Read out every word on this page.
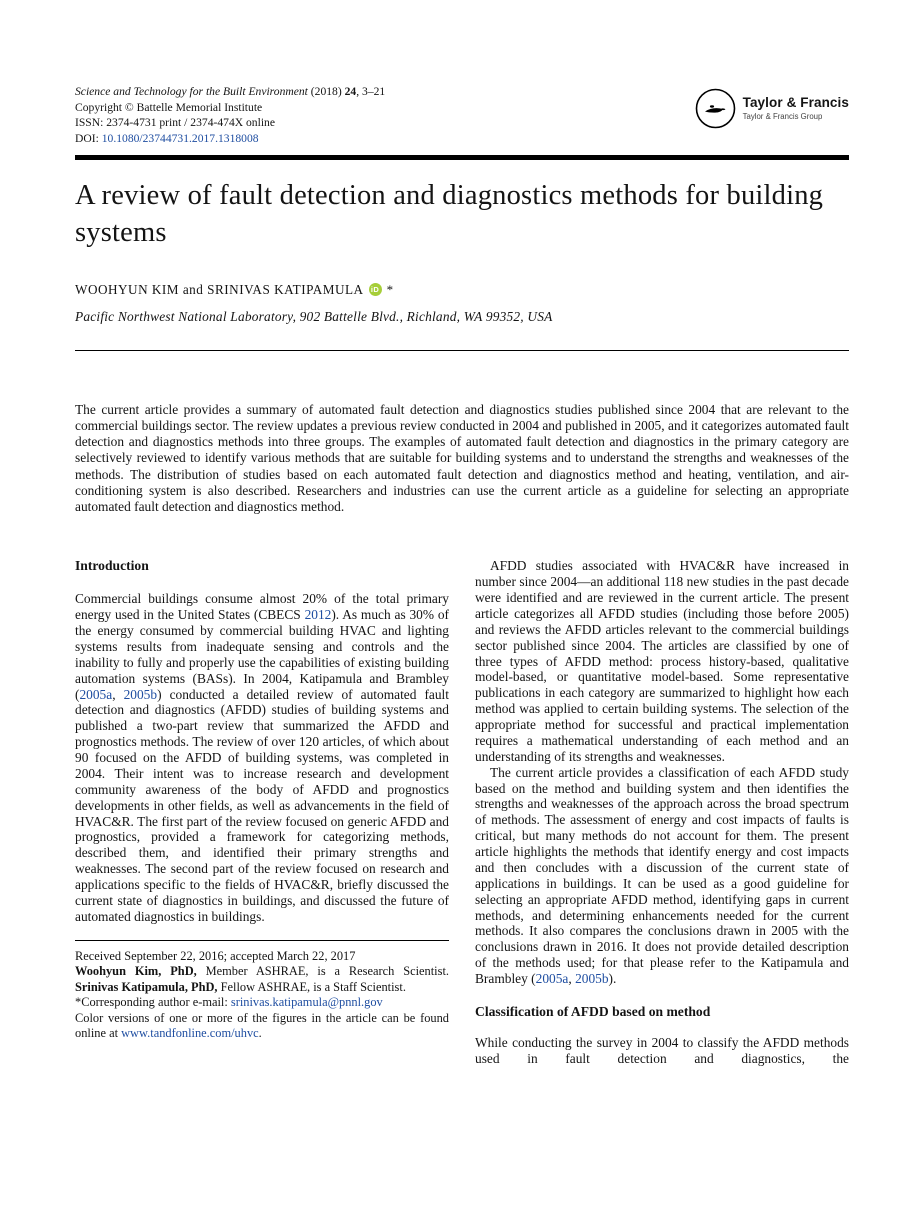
Science and Technology for the Built Environment (2018) 24, 3–21
Copyright © Battelle Memorial Institute
ISSN: 2374-4731 print / 2374-474X online
DOI: 10.1080/23744731.2017.1318008
Taylor & Francis
Taylor & Francis Group
A review of fault detection and diagnostics methods for building systems
WOOHYUN KIM and SRINIVAS KATIPAMULA iD *
Pacific Northwest National Laboratory, 902 Battelle Blvd., Richland, WA 99352, USA

The current article provides a summary of automated fault detection and diagnostics studies published since 2004 that are relevant to the commercial buildings sector. The review updates a previous review conducted in 2004 and published in 2005, and it categorizes automated fault detection and diagnostics methods into three groups. The examples of automated fault detection and diagnostics in the primary category are selectively reviewed to identify various methods that are suitable for building systems and to understand the strengths and weaknesses of the methods. The distribution of studies based on each automated fault detection and diagnostics method and heating, ventilation, and air-conditioning system is also described. Researchers and industries can use the current article as a guideline for selecting an appropriate automated fault detection and diagnostics method.

Introduction

Commercial buildings consume almost 20% of the total primary energy used in the United States (CBECS 2012). As much as 30% of the energy consumed by commercial building HVAC and lighting systems results from inadequate sensing and controls and the inability to fully and properly use the capabilities of existing building automation systems (BASs). In 2004, Katipamula and Brambley (2005a, 2005b) conducted a detailed review of automated fault detection and diagnostics (AFDD) studies of building systems and published a two-part review that summarized the AFDD and prognostics methods. The review of over 120 articles, of which about 90 focused on the AFDD of building systems, was completed in 2004. Their intent was to increase research and development community awareness of the body of AFDD and prognostics developments in other fields, as well as advancements in the field of HVAC&R. The first part of the review focused on generic AFDD and prognostics, provided a framework for categorizing methods, described them, and identified their primary strengths and weaknesses. The second part of the review focused on research and applications specific to the fields of HVAC&R, briefly discussed the current state of diagnostics in buildings, and discussed the future of automated diagnostics in buildings.

Received September 22, 2016; accepted March 22, 2017

Woohyun Kim, PhD, Member ASHRAE, is a Research Scientist. Srinivas Katipamula, PhD, Fellow ASHRAE, is a Staff Scientist.

*Corresponding author e-mail: srinivas.katipamula@pnnl.gov

Color versions of one or more of the figures in the article can be found online at www.tandfonline.com/uhvc.

AFDD studies associated with HVAC&R have increased in number since 2004—an additional 118 new studies in the past decade were identified and are reviewed in the current article. The present article categorizes all AFDD studies (including those before 2005) and reviews the AFDD articles relevant to the commercial buildings sector published since 2004. The articles are classified by one of three types of AFDD method: process history-based, qualitative model-based, or quantitative model-based. Some representative publications in each category are summarized to highlight how each method was applied to certain building systems. The selection of the appropriate method for successful and practical implementation requires a mathematical understanding of each method and an understanding of its strengths and weaknesses.

The current article provides a classification of each AFDD study based on the method and building system and then identifies the strengths and weaknesses of the approach across the broad spectrum of methods. The assessment of energy and cost impacts of faults is critical, but many methods do not account for them. The present article highlights the methods that identify energy and cost impacts and then concludes with a discussion of the current state of applications in buildings. It can be used as a good guideline for selecting an appropriate AFDD method, identifying gaps in current methods, and determining enhancements needed for the current methods. It also compares the conclusions drawn in 2005 with the conclusions drawn in 2016. It does not provide detailed description of the methods used; for that please refer to the Katipamula and Brambley (2005a, 2005b).

Classification of AFDD based on method

While conducting the survey in 2004 to classify the AFDD methods used in fault detection and diagnostics, the
